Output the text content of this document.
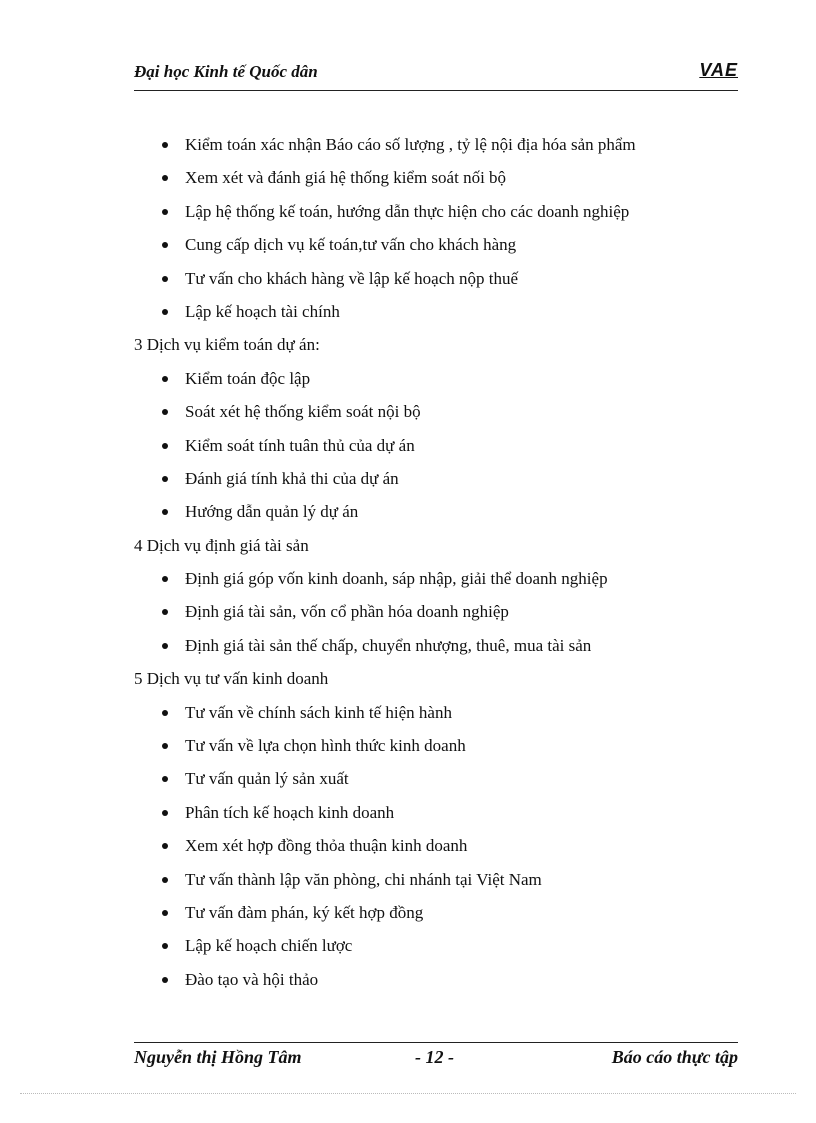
Đại học Kinh tế Quốc dân	VAE
Kiểm toán xác nhận Báo cáo số lượng , tỷ lệ nội địa hóa sản phẩm
Xem xét và đánh giá hệ thống kiểm soát nối bộ
Lập hệ thống kế toán, hướng dẫn thực hiện cho các doanh nghiệp
Cung cấp dịch vụ kế toán,tư vấn cho khách hàng
Tư vấn cho khách hàng về lập kế hoạch nộp thuế
Lập kế hoạch tài chính
3 Dịch vụ kiểm toán dự án:
Kiểm toán độc lập
Soát xét hệ thống kiểm soát nội bộ
Kiểm soát tính tuân thủ của dự án
Đánh giá tính khả thi của dự án
Hướng dẫn quản lý dự án
4 Dịch vụ định giá tài sản
Định giá góp vốn kinh doanh, sáp nhập, giải thể doanh nghiệp
Định giá tài sản, vốn cổ phần hóa doanh nghiệp
Định giá tài sản thế chấp, chuyển nhượng, thuê, mua tài sản
5 Dịch vụ tư vấn kinh doanh
Tư vấn về chính sách kinh tế hiện hành
Tư vấn về lựa chọn hình thức kinh doanh
Tư vấn quản lý sản xuất
Phân tích kế hoạch kinh doanh
Xem xét hợp đồng thỏa thuận kinh doanh
Tư vấn thành lập văn phòng, chi nhánh tại Việt Nam
Tư vấn đàm phán, ký kết hợp đồng
Lập kế hoạch chiến lược
Đào tạo và hội thảo
Nguyễn thị Hồng Tâm	- 12 -	Báo cáo thực tập
